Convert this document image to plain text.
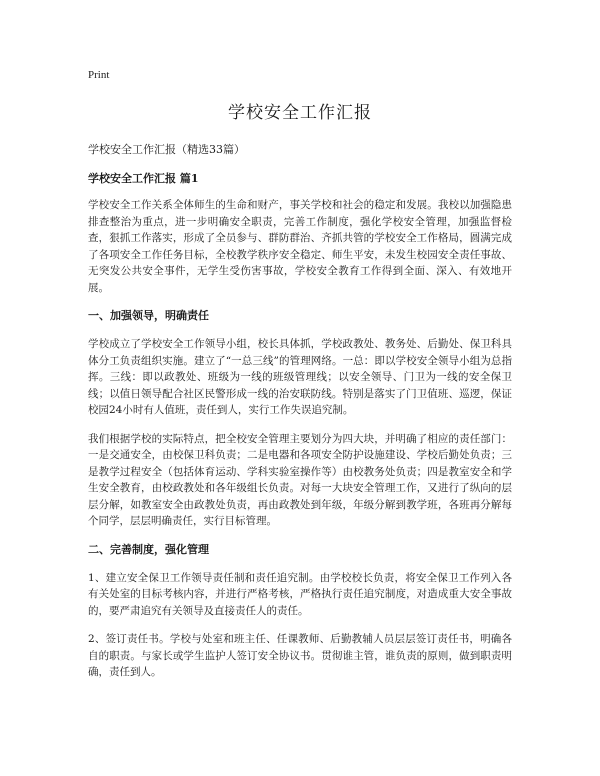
Print
学校安全工作汇报
学校安全工作汇报（精选33篇）
学校安全工作汇报 篇1

学校安全工作关系全体师生的生命和财产，事关学校和社会的稳定和发展。我校以加强隐患排查整治为重点，进一步明确安全职责，完善工作制度，强化学校安全管理，加强监督检查，狠抓工作落实，形成了全员参与、群防群治、齐抓共管的学校安全工作格局，圆满完成了各项安全工作任务目标，全校教学秩序安全稳定、师生平安，未发生校园安全责任事故、无突发公共安全事件，无学生受伤害事故，学校安全教育工作得到全面、深入、有效地开展。

一、加强领导，明确责任

学校成立了学校安全工作领导小组，校长具体抓，学校政教处、教务处、后勤处、保卫科具体分工负责组织实施。建立了“一总三线”的管理网络。一总：即以学校安全领导小组为总指挥。三线：即以政教处、班级为一线的班级管理线；以安全领导、门卫为一线的安全保卫线；以值日领导配合社区民警形成一线的治安联防线。特别是落实了门卫值班、巡逻，保证校园24小时有人值班，责任到人，实行工作失误追究制。

我们根据学校的实际特点，把全校安全管理主要划分为四大块，并明确了相应的责任部门：一是交通安全，由校保卫科负责；二是电器和各项安全防护设施建设、学校后勤处负责；三是教学过程安全（包括体育运动、学科实验室操作等）由校教务处负责；四是教室安全和学生安全教育，由校政教处和各年级组长负责。对每一大块安全管理工作，又进行了纵向的层层分解，如教室安全由政教处负责，再由政教处到年级，年级分解到教学班，各班再分解每个同学，层层明确责任，实行目标管理。

二、完善制度，强化管理

1、建立安全保卫工作领导责任制和责任追究制。由学校校长负责，将安全保卫工作列入各有关处室的目标考核内容，并进行严格考核，严格执行责任追究制度，对造成重大安全事故的，要严肃追究有关领导及直接责任人的责任。

2、签订责任书。学校与处室和班主任、任课教师、后勤教辅人员层层签订责任书，明确各自的职责。与家长或学生监护人签订安全协议书。贯彻谁主管，谁负责的原则，做到职责明确，责任到人。
